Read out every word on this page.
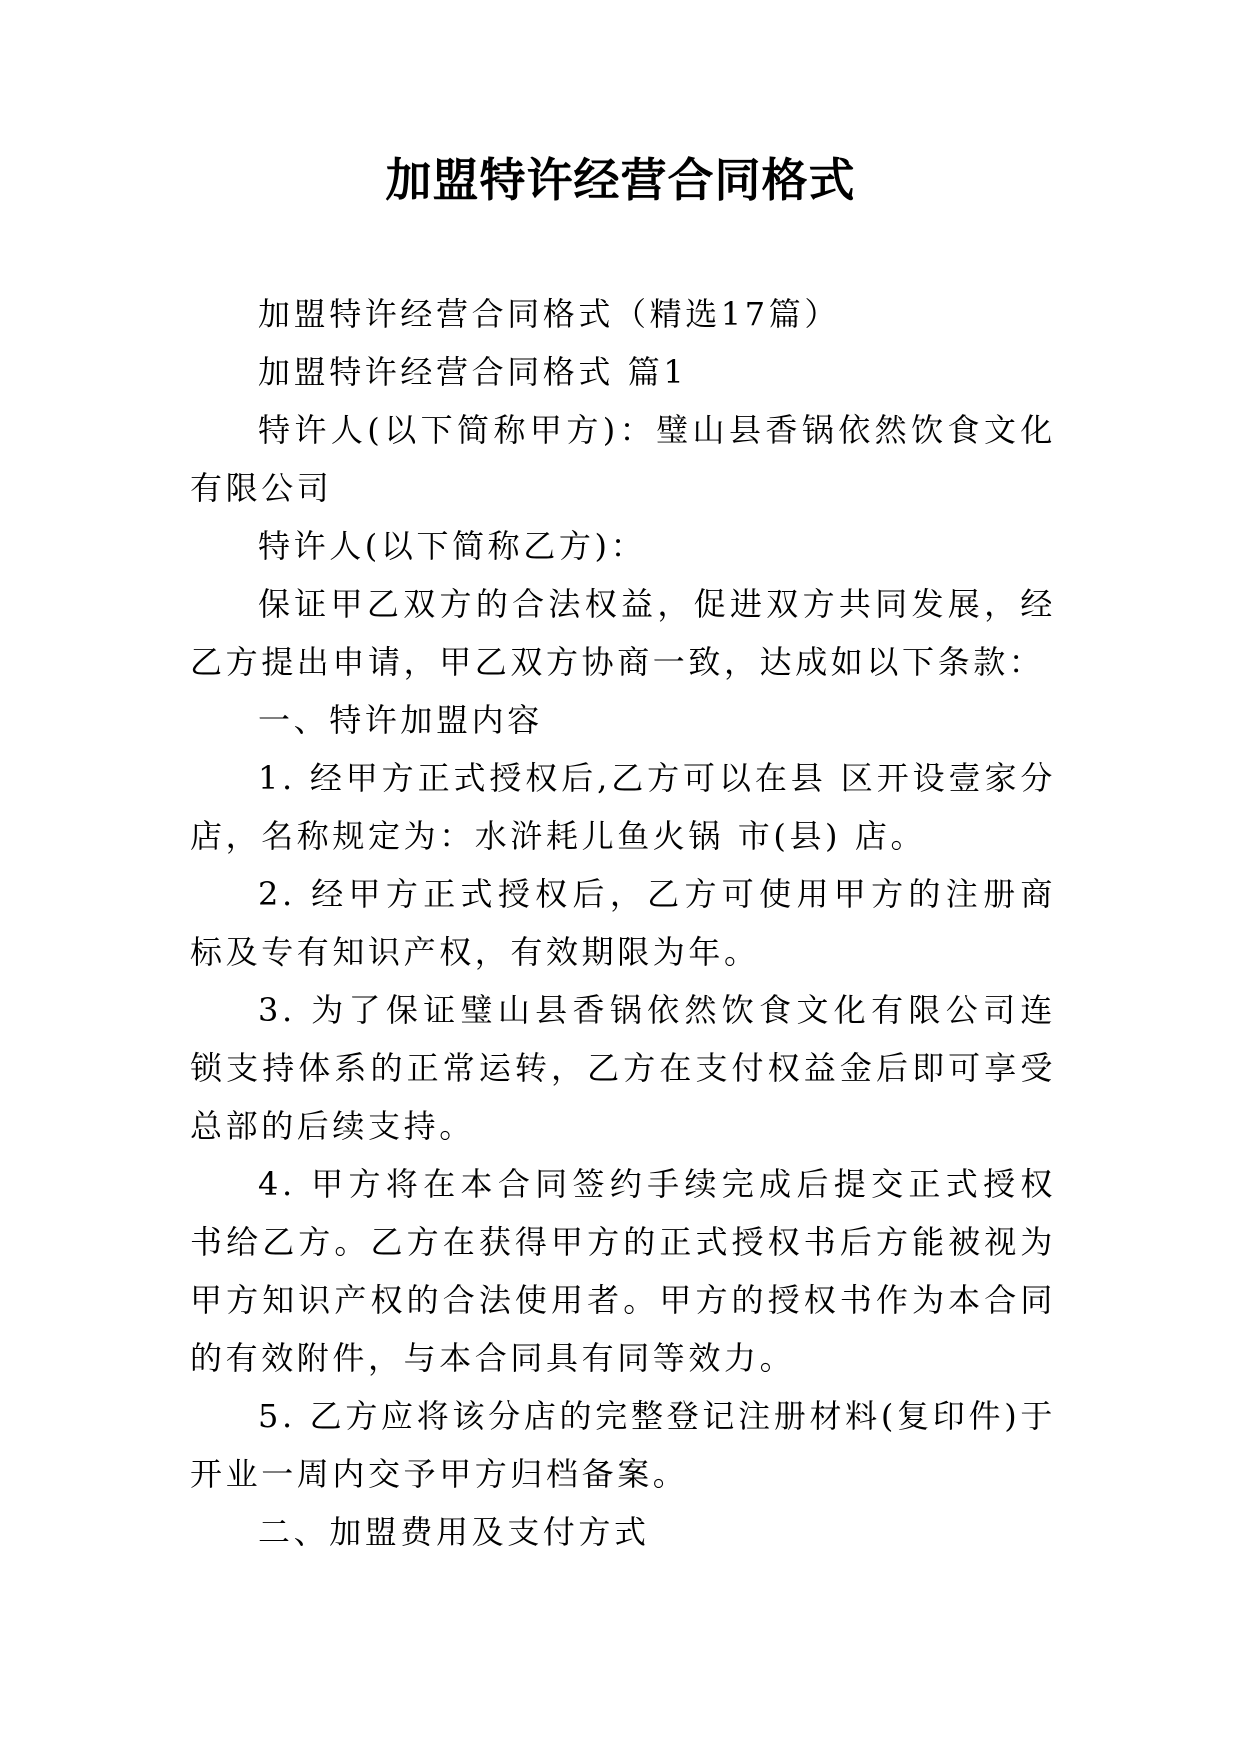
加盟特许经营合同格式

加盟特许经营合同格式（精选17篇）

加盟特许经营合同格式 篇1

特许人(以下简称甲方)：璧山县香锅依然饮食文化有限公司

特许人(以下简称乙方)：

保证甲乙双方的合法权益，促进双方共同发展，经乙方提出申请，甲乙双方协商一致，达成如以下条款：

一、特许加盟内容

1. 经甲方正式授权后,乙方可以在县 区开设壹家分店，名称规定为：水浒耗儿鱼火锅 市(县) 店。

2. 经甲方正式授权后，乙方可使用甲方的注册商标及专有知识产权，有效期限为年。

3. 为了保证璧山县香锅依然饮食文化有限公司连锁支持体系的正常运转，乙方在支付权益金后即可享受总部的后续支持。

4. 甲方将在本合同签约手续完成后提交正式授权书给乙方。乙方在获得甲方的正式授权书后方能被视为甲方知识产权的合法使用者。甲方的授权书作为本合同的有效附件，与本合同具有同等效力。

5. 乙方应将该分店的完整登记注册材料(复印件)于开业一周内交予甲方归档备案。

二、加盟费用及支付方式
